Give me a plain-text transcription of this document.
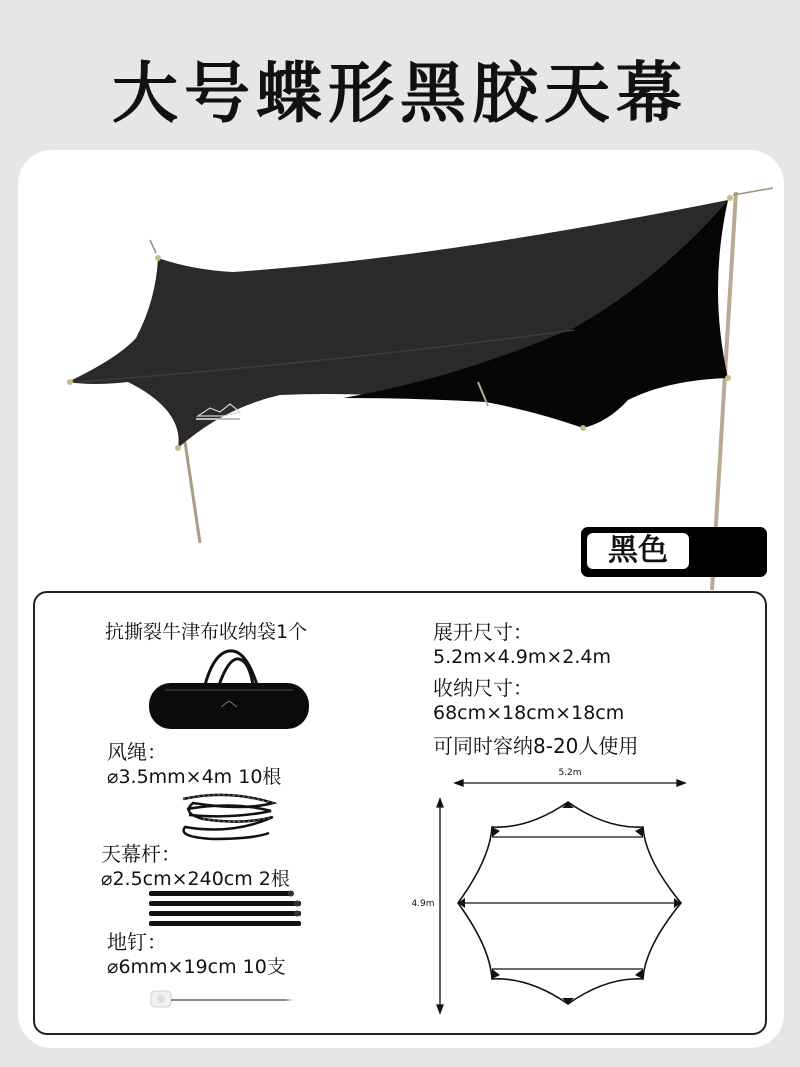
大号蝶形黑胶天幕
黑色
抗撕裂牛津布收纳袋1个
风绳：
⌀3.5mm×4m 10根
天幕杆：
⌀2.5cm×240cm 2根
地钉：
⌀6mm×19cm 10支
展开尺寸：
5.2m×4.9m×2.4m
收纳尺寸：
68cm×18cm×18cm
可同时容纳8-20人使用
5.2m
4.9m
